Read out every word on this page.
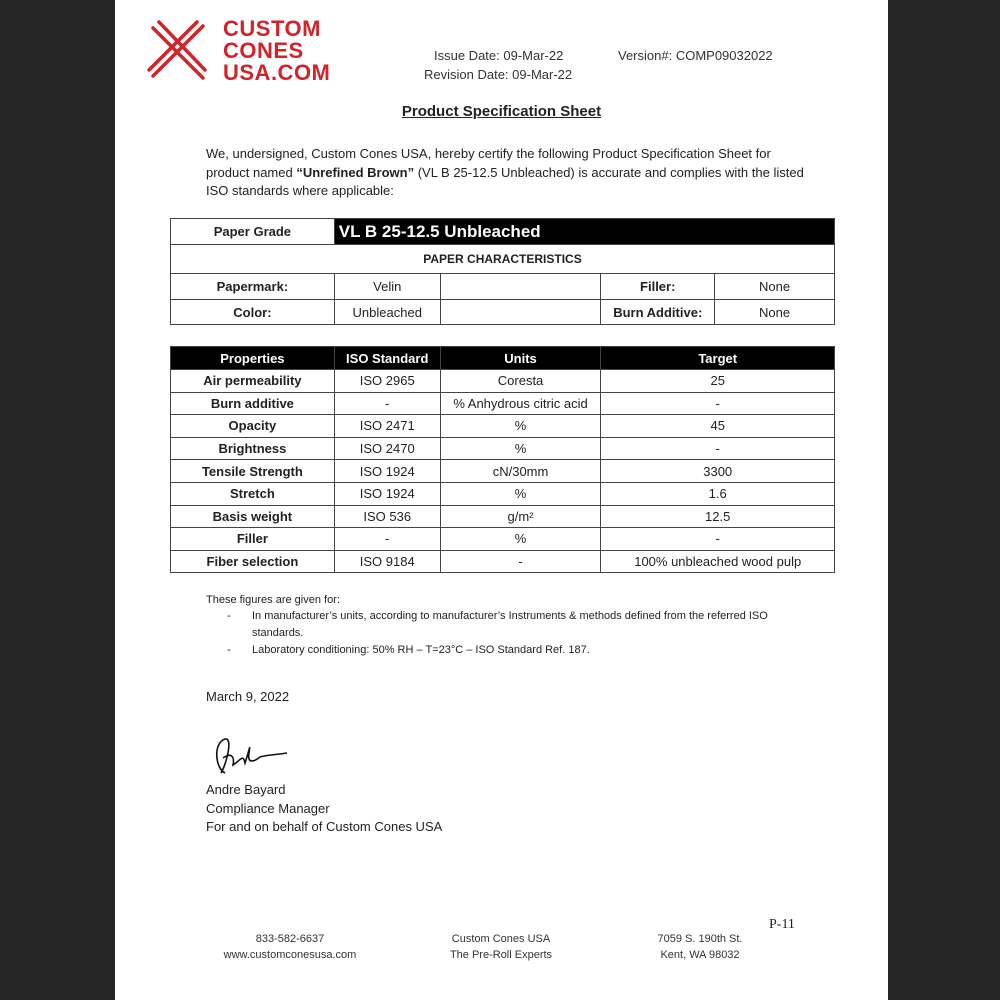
CUSTOM
CONES
USA.COM
Issue Date: 09-Mar-22
Revision Date: 09-Mar-22
Version#: COMP09032022
Product Specification Sheet
We, undersigned, Custom Cones USA, hereby certify the following Product Specification Sheet for product named “Unrefined Brown” (VL B 25-12.5 Unbleached) is accurate and complies with the listed ISO standards where applicable:
Paper Grade	VL B 25-12.5 Unbleached			
PAPER CHARACTERISTICS				
Papermark:	Velin		Filler:	None
Color:	Unbleached		Burn Additive:	None
Properties	ISO Standard	Units	Target
Air permeability	ISO 2965	Coresta	25
Burn additive	-	% Anhydrous citric acid	-
Opacity	ISO 2471	%	45
Brightness	ISO 2470	%	-
Tensile Strength	ISO 1924	cN/30mm	3300
Stretch	ISO 1924	%	1.6
Basis weight	ISO 536	g/m²	12.5
Filler	-	%	-
Fiber selection	ISO 9184	-	100% unbleached wood pulp
These figures are given for:
-	In manufacturer’s units, according to manufacturer’s Instruments & methods defined from the referred ISO standards.
-	Laboratory conditioning: 50% RH – T=23°C – ISO Standard Ref. 187.
March 9, 2022
Andre Bayard
Compliance Manager
For and on behalf of Custom Cones USA
P-11
833-582-6637
www.customconesusa.com
Custom Cones USA
The Pre-Roll Experts
7059 S. 190th St.
Kent, WA 98032
